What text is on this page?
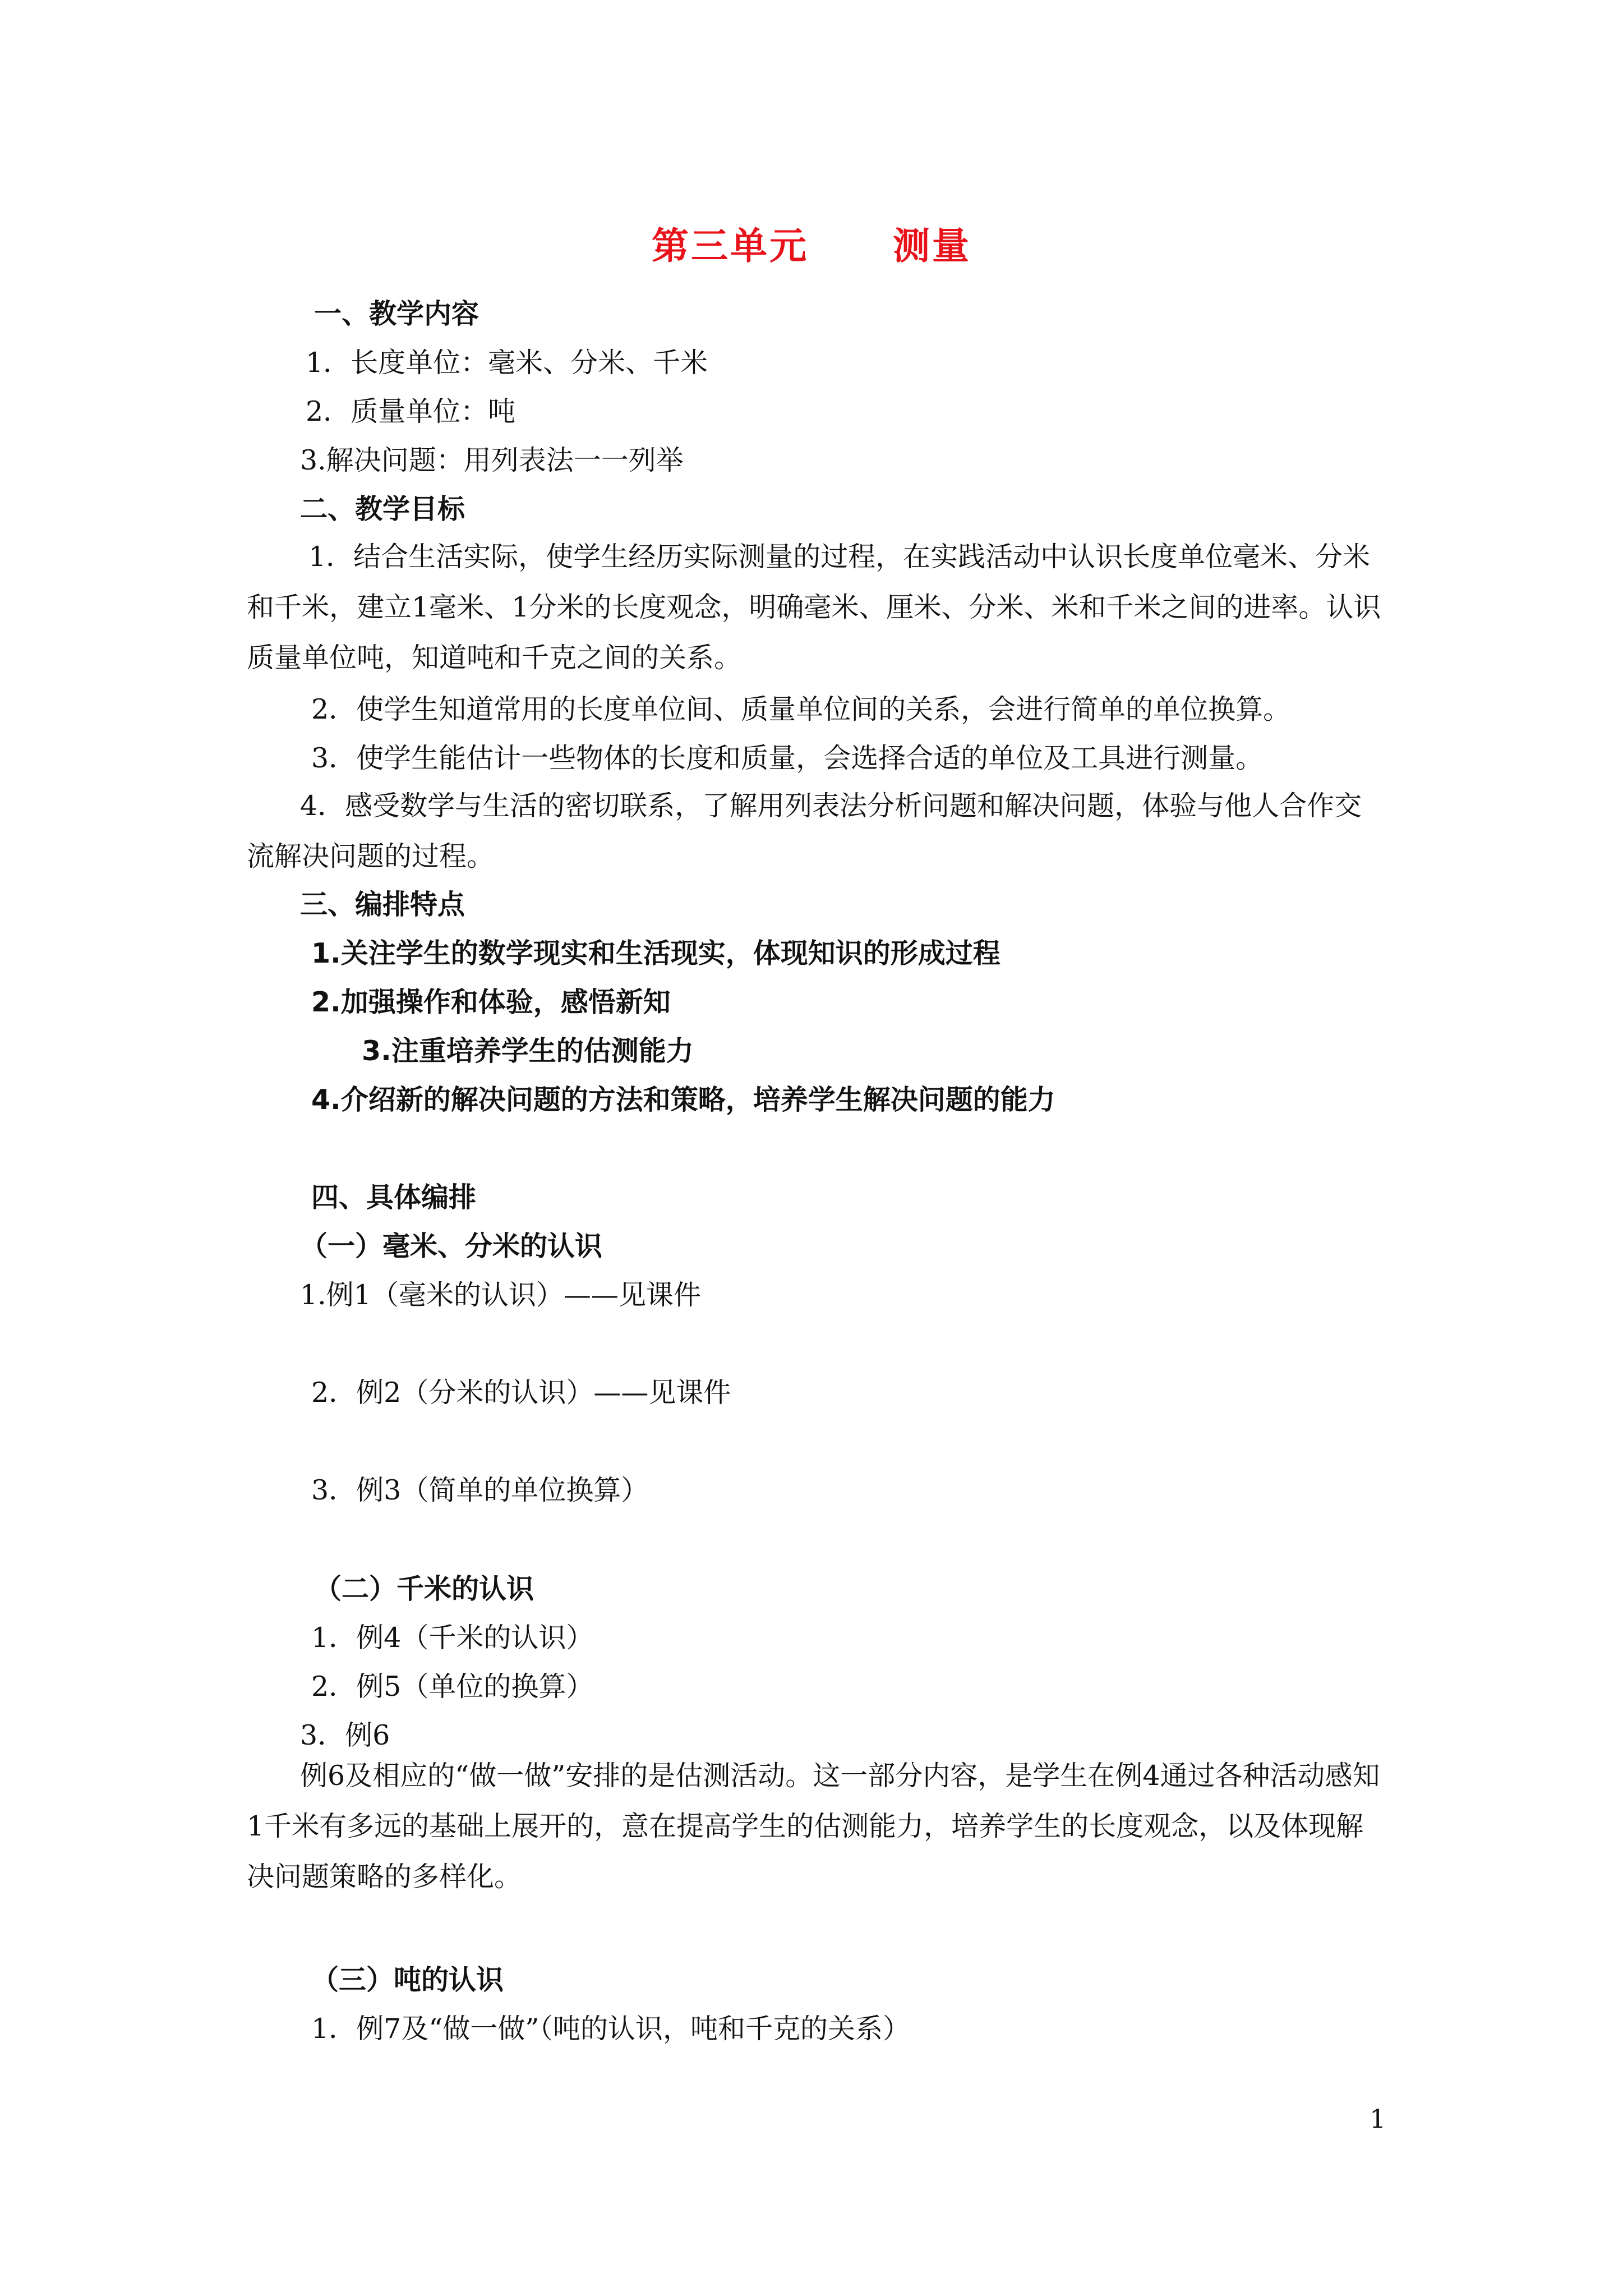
第三单元 测量
一、教学内容
1．长度单位：毫米、分米、千米
2．质量单位：吨
3.解决问题：用列表法一一列举
二、教学目标
1．结合生活实际，使学生经历实际测量的过程，在实践活动中认识长度单位毫米、分米和千米，建立1毫米、1分米的长度观念，明确毫米、厘米、分米、米和千米之间的进率。认识质量单位吨，知道吨和千克之间的关系。
2．使学生知道常用的长度单位间、质量单位间的关系，会进行简单的单位换算。
3．使学生能估计一些物体的长度和质量，会选择合适的单位及工具进行测量。
4．感受数学与生活的密切联系，了解用列表法分析问题和解决问题，体验与他人合作交流解决问题的过程。
三、编排特点
1.关注学生的数学现实和生活现实，体现知识的形成过程
2.加强操作和体验，感悟新知
3.注重培养学生的估测能力
4.介绍新的解决问题的方法和策略，培养学生解决问题的能力
四、具体编排
（一）毫米、分米的认识
1.例1（毫米的认识）——见课件
2．例2（分米的认识）——见课件
3．例3（简单的单位换算）
（二）千米的认识
1．例4（千米的认识）
2．例5（单位的换算）
3．例6
例6及相应的“做一做”安排的是估测活动。这一部分内容，是学生在例4通过各种活动感知1千米有多远的基础上展开的，意在提高学生的估测能力，培养学生的长度观念，以及体现解决问题策略的多样化。
（三）吨的认识
1．例7及“做一做”（吨的认识，吨和千克的关系）
1
